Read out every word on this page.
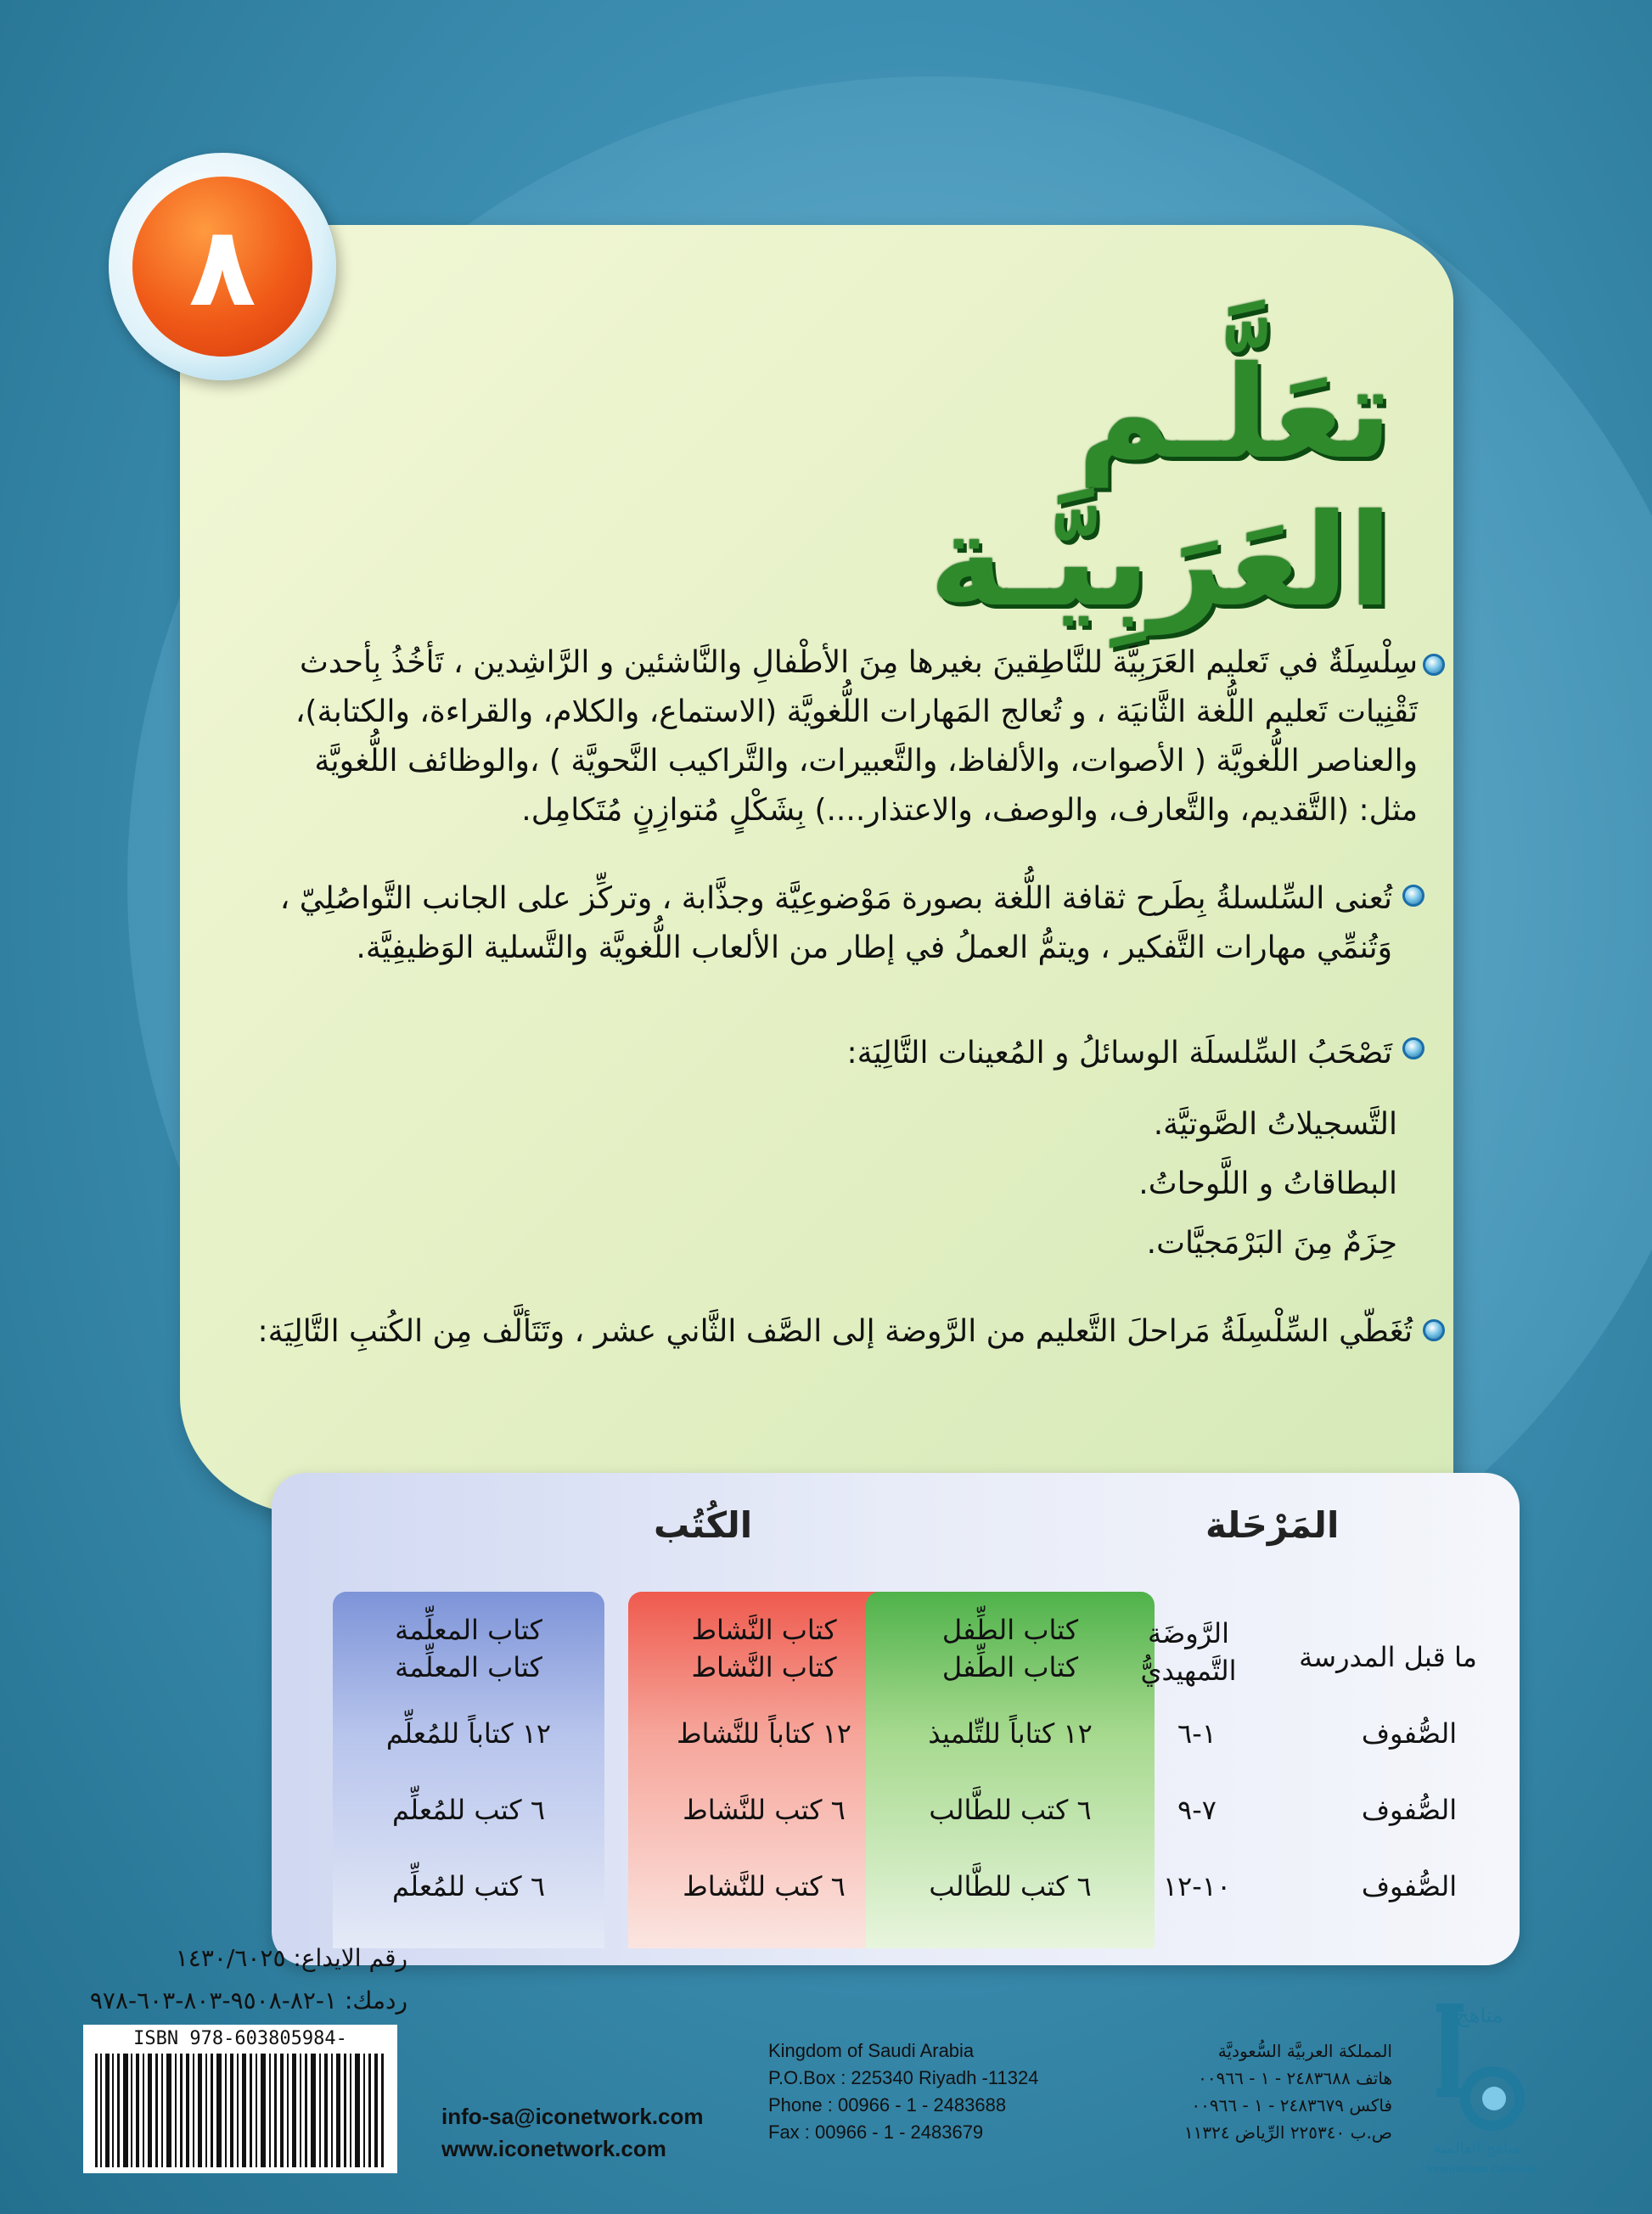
٨
تعَلَّـم العَرَبِيَّـة
سِلْسِلَةٌ في تَعليم العَرَبِيَّة للنَّاطِقينَ بغيرها مِنَ الأطْفالِ والنَّاشئين و الرَّاشِدين ، تَأخُذُ بِأحدث
تَقْنِيات تَعليم اللُّغة الثَّانيَة ، و تُعالج المَهارات اللُّغويَّة (الاستماع، والكلام، والقراءة، والكتابة)،
والعناصر اللُّغويَّة ( الأصوات، والألفاظ، والتَّعبيرات، والتَّراكيب النَّحويَّة ) ،والوظائف اللُّغويَّة
مثل: (التَّقديم، والتَّعارف، والوصف، والاعتذار....) بِشَكْلٍ مُتوازِنٍ مُتَكامِل.
تُعنى السِّلسلةُ بِطَرح ثقافة اللُّغة بصورة مَوْضوعِيَّة وجذَّابة ، وتركِّز على الجانب التَّواصُلِيّ ،
وَتُنمِّي مهارات التَّفكير ، ويتمُّ العملُ في إطار من الألعاب اللُّغويَّة والتَّسلية الوَظيفِيَّة.
تَصْحَبُ السِّلسلَة الوسائلُ و المُعينات التَّالِيَة:
التَّسجيلاتُ الصَّوتيَّة.
البطاقاتُ و اللَّوحاتُ.
حِزَمٌ مِنَ البَرْمَجيَّات.
تُغَطّي السِّلْسِلَةُ مَراحلَ التَّعليم من الرَّوضة إلى الصَّف الثَّاني عشر ، وتَتَألَّف مِن الكُتبِ التَّالِيَة:
المَرْحَلة
الكُتُب
ما قبل المدرسة
الصُّفوف
الصُّفوف
الصُّفوف
الرَّوضَة التَّمهيديُّ
١-٦
٧-٩
١٠-١٢
كتاب الطِّفل
كتاب الطِّفل
١٢ كتاباً للتِّلميذ
٦ كتب للطَّالب
٦ كتب للطَّالب
كتاب النَّشاط
كتاب النَّشاط
١٢ كتاباً للنَّشاط
٦ كتب للنَّشاط
٦ كتب للنَّشاط
كتاب المعلِّمة
كتاب المعلِّمة
١٢ كتاباً للمُعلِّم
٦ كتب للمُعلِّم
٦ كتب للمُعلِّم
رقم الايداع: ١٤٣٠/٦٠٢٥
ردمك: ١-٨٢-٩٥٠٨-٨٠٣-٦٠٣-٩٧٨
ISBN 978-603805984-
info-sa@iconetwork.com
www.iconetwork.com
Kingdom of Saudi Arabia
P.O.Box : 225340 Riyadh -11324
Phone : 00966 - 1 - 2483688
Fax : 00966 - 1 - 2483679
المملكة العربيَّة السُّعوديَّة
هاتف ٢٤٨٣٦٨٨ - ١ - ٠٠٩٦٦
فاكس ٢٤٨٣٦٧٩ - ١ - ٠٠٩٦٦
ص.ب ٢٢٥٣٤٠ الرِّياض ١١٣٢٤
مناهج
مناهج العالمية
International Curricula
